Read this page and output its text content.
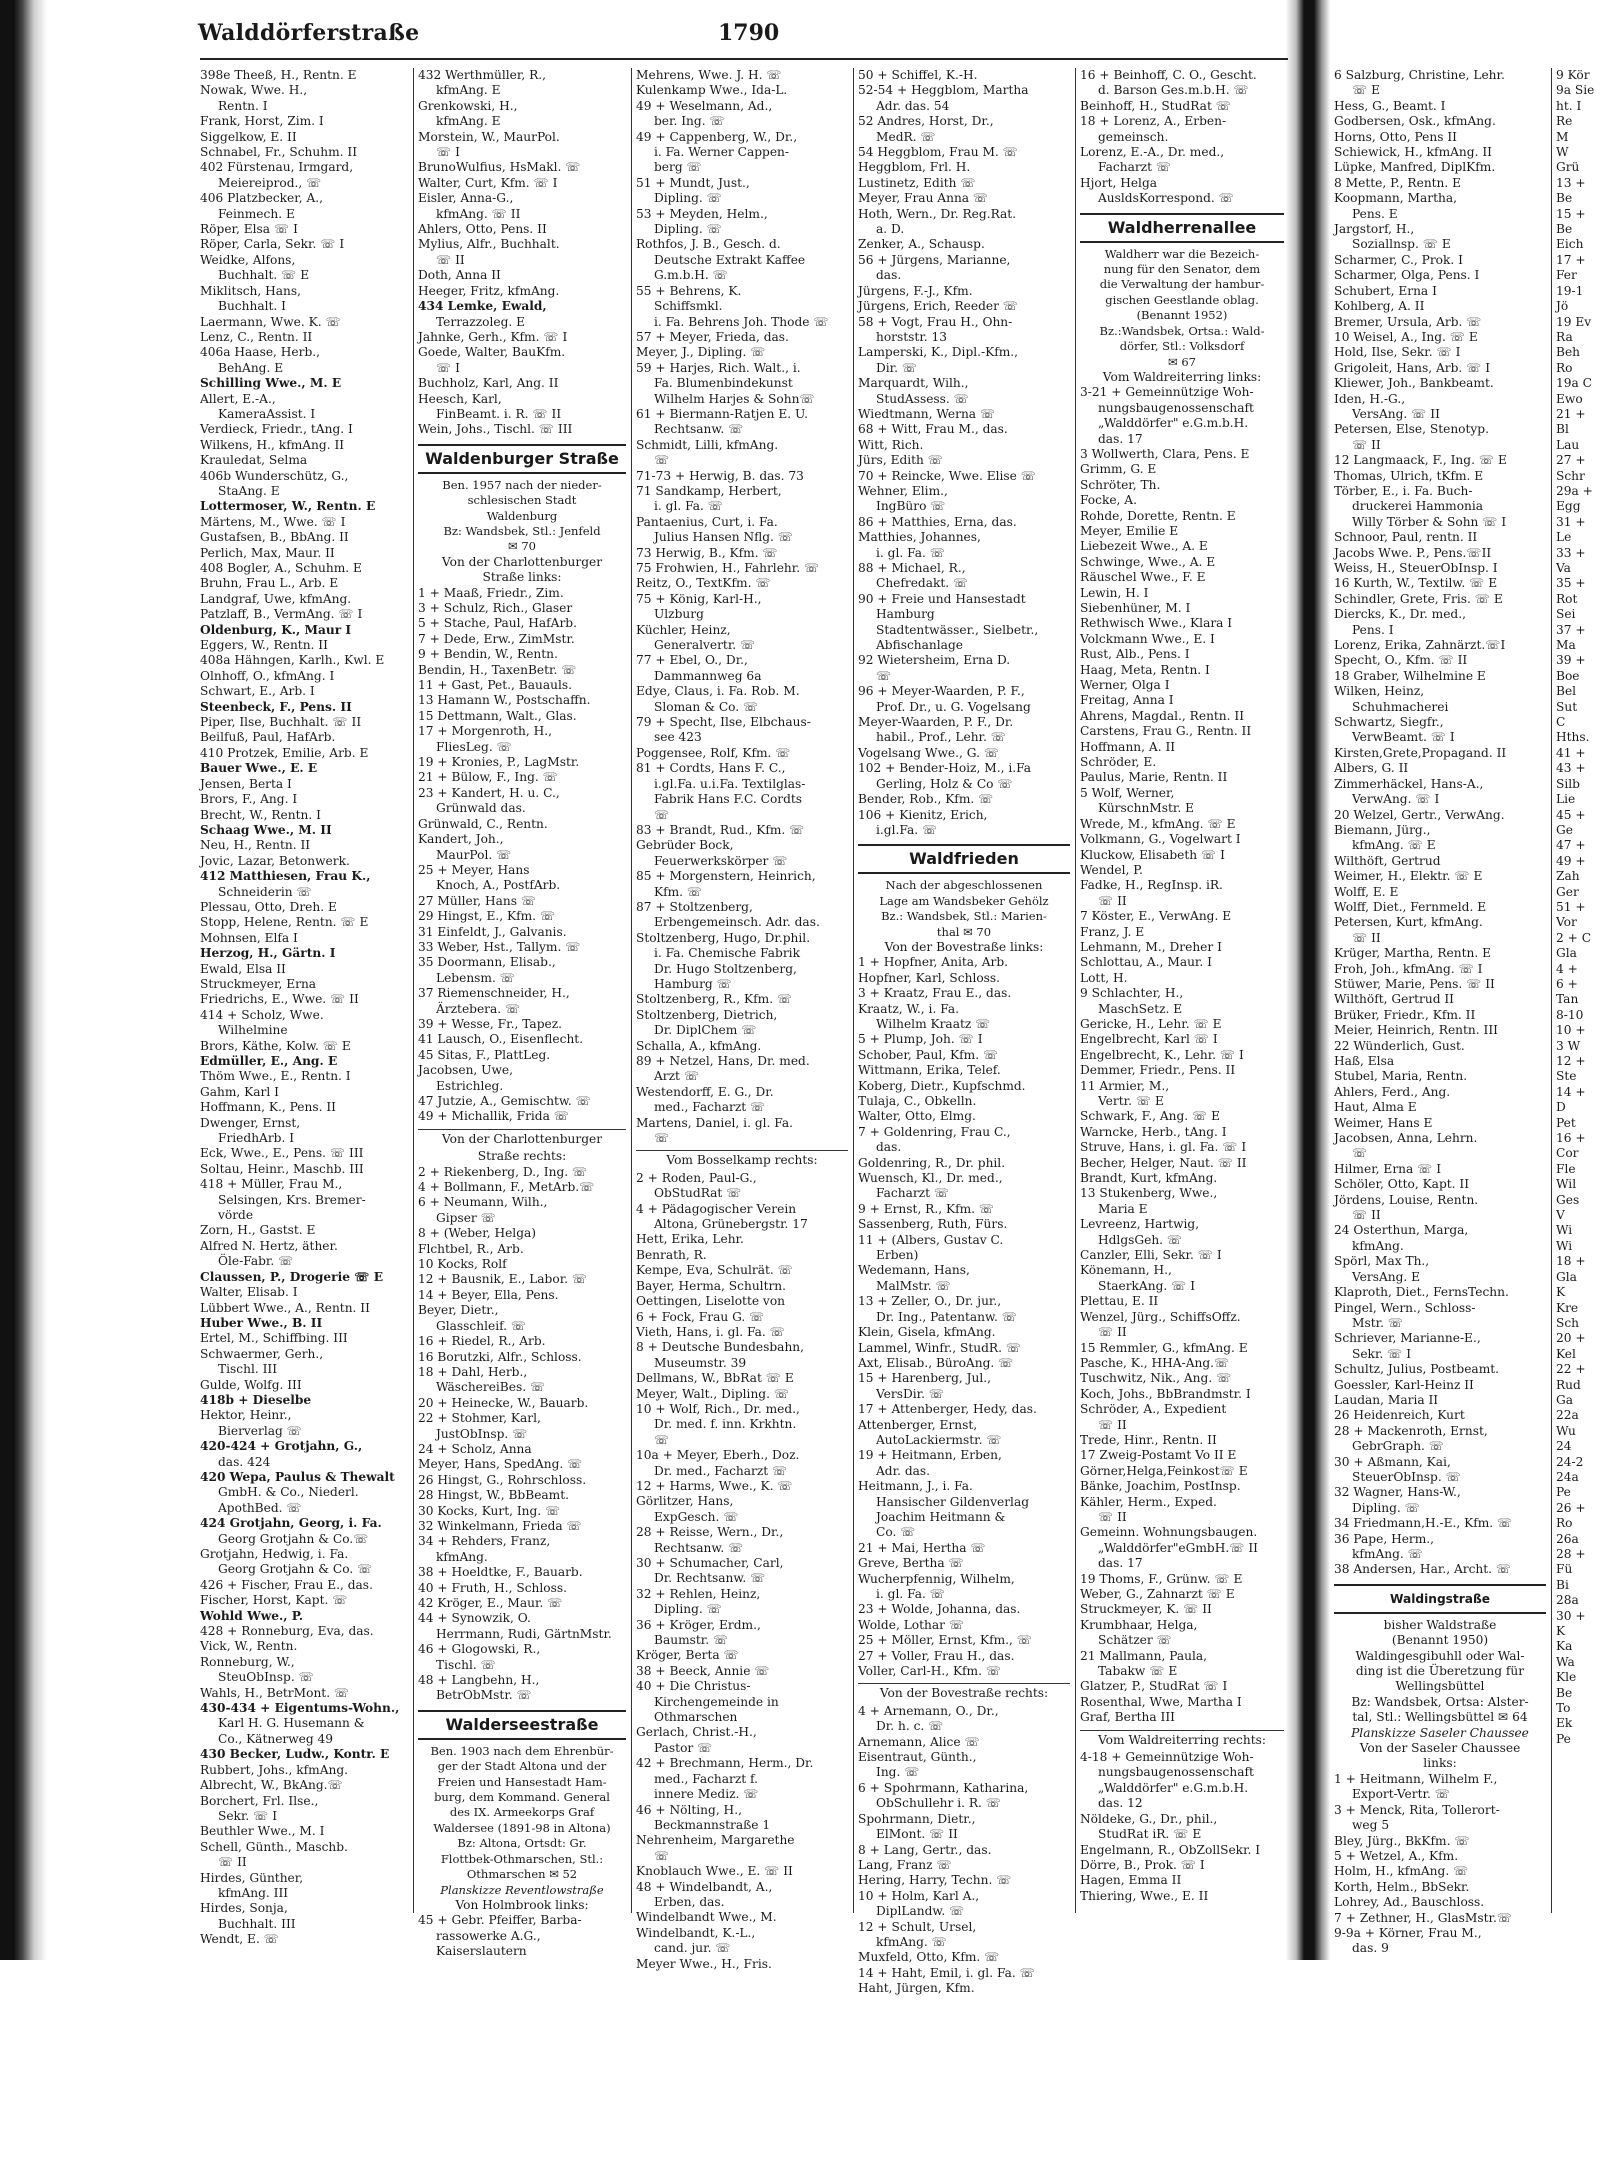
Walddörferstraße	1790
398e Theeß, H., Rentn. E
Nowak, Wwe. H.,
Rentn. I
Frank, Horst, Zim. I
Siggelkow, E. II
Schnabel, Fr., Schuhm. II
402 Fürstenau, Irmgard,
Meiereiprod., ☏
406 Platzbecker, A.,
Feinmech. E
Röper, Elsa ☏ I
Röper, Carla, Sekr. ☏ I
Weidke, Alfons,
Buchhalt. ☏ E
Miklitsch, Hans,
Buchhalt. I
Laermann, Wwe. K. ☏
Lenz, C., Rentn. II
406a Haase, Herb.,
BehAng. E
Schilling Wwe., M. E
Allert, E.-A.,
KameraAssist. I
Verdieck, Friedr., tAng. I
Wilkens, H., kfmAng. II
Krauledat, Selma
406b Wunderschütz, G.,
StaAng. E
Lottermoser, W., Rentn. E
Märtens, M., Wwe. ☏ I
Gustafsen, B., BbAng. II
Perlich, Max, Maur. II
408 Bogler, A., Schuhm. E
Bruhn, Frau L., Arb. E
Landgraf, Uwe, kfmAng.
Patzlaff, B., VermAng. ☏ I
Oldenburg, K., Maur I
Eggers, W., Rentn. II
408a Hähngen, Karlh., Kwl. E
Olnhoff, O., kfmAng. I
Schwart, E., Arb. I
Steenbeck, F., Pens. II
Piper, Ilse, Buchhalt. ☏ II
Beilfuß, Paul, HafArb.
410 Protzek, Emilie, Arb. E
Bauer Wwe., E. E
Jensen, Berta I
Brors, F., Ang. I
Brecht, W., Rentn. I
Schaag Wwe., M. II
Neu, H., Rentn. II
Jovic, Lazar, Betonwerk.
412 Matthiesen, Frau K.,
Schneiderin ☏
Plessau, Otto, Dreh. E
Stopp, Helene, Rentn. ☏ E
Mohnsen, Elfa I
Herzog, H., Gärtn. I
Ewald, Elsa II
Struckmeyer, Erna
Friedrichs, E., Wwe. ☏ II
414 + Scholz, Wwe.
Wilhelmine
Brors, Käthe, Kolw. ☏ E
Edmüller, E., Ang. E
Thöm Wwe., E., Rentn. I
Gahm, Karl I
Hoffmann, K., Pens. II
Dwenger, Ernst,
FriedhArb. I
Eck, Wwe., E., Pens. ☏ III
Soltau, Heinr., Maschb. III
418 + Müller, Frau M.,
Selsingen, Krs. Bremer-
vörde
Zorn, H., Gastst. E
Alfred N. Hertz, äther.
Öle-Fabr. ☏
Claussen, P., Drogerie ☏ E
Walter, Elisab. I
Lübbert Wwe., A., Rentn. II
Huber Wwe., B. II
Ertel, M., Schiffbing. III
Schwaermer, Gerh.,
Tischl. III
Gulde, Wolfg. III
418b + Dieselbe
Hektor, Heinr.,
Bierverlag ☏
420-424 + Grotjahn, G.,
das. 424
420 Wepa, Paulus & Thewalt
GmbH. & Co., Niederl.
ApothBed. ☏
424 Grotjahn, Georg, i. Fa.
Georg Grotjahn & Co.☏
Grotjahn, Hedwig, i. Fa.
Georg Grotjahn & Co. ☏
426 + Fischer, Frau E., das.
Fischer, Horst, Kapt. ☏
Wohld Wwe., P.
428 + Ronneburg, Eva, das.
Vick, W., Rentn.
Ronneburg, W.,
SteuObInsp. ☏
Wahls, H., BetrMont. ☏
430-434 + Eigentums-Wohn.,
Karl H. G. Husemann &
Co., Kätnerweg 49
430 Becker, Ludw., Kontr. E
Rubbert, Johs., kfmAng.
Albrecht, W., BkAng.☏
Borchert, Frl. Ilse.,
Sekr. ☏ I
Beuthler Wwe., M. I
Schell, Günth., Maschb.
☏ II
Hirdes, Günther,
kfmAng. III
Hirdes, Sonja,
Buchhalt. III
Wendt, E. ☏
432 Werthmüller, R.,
kfmAng. E
Grenkowski, H.,
kfmAng. E
Morstein, W., MaurPol.
☏ I
BrunoWulfius, HsMakl. ☏
Walter, Curt, Kfm. ☏ I
Eisler, Anna-G.,
kfmAng. ☏ II
Ahlers, Otto, Pens. II
Mylius, Alfr., Buchhalt.
☏ II
Doth, Anna II
Heeger, Fritz, kfmAng.
434 Lemke, Ewald,
Terrazzoleg. E
Jahnke, Gerh., Kfm. ☏ I
Goede, Walter, BauKfm.
☏ I
Buchholz, Karl, Ang. II
Heesch, Karl,
FinBeamt. i. R. ☏ II
Wein, Johs., Tischl. ☏ III
Waldenburger Straße
Ben. 1957 nach der nieder-
schlesischen Stadt
Waldenburg
Bz: Wandsbek, Stl.: Jenfeld
✉ 70
Von der Charlottenburger
Straße links:
1 + Maaß, Friedr., Zim.
3 + Schulz, Rich., Glaser
5 + Stache, Paul, HafArb.
7 + Dede, Erw., ZimMstr.
9 + Bendin, W., Rentn.
Bendin, H., TaxenBetr. ☏
11 + Gast, Pet., Bauauls.
13 Hamann W., Postschaffn.
15 Dettmann, Walt., Glas.
17 + Morgenroth, H.,
FliesLeg. ☏
19 + Kronies, P., LagMstr.
21 + Bülow, F., Ing. ☏
23 + Kandert, H. u. C.,
Grünwald das.
Grünwald, C., Rentn.
Kandert, Joh.,
MaurPol. ☏
25 + Meyer, Hans
Knoch, A., PostfArb.
27 Müller, Hans ☏
29 Hingst, E., Kfm. ☏
31 Einfeldt, J., Galvanis.
33 Weber, Hst., Tallym. ☏
35 Doormann, Elisab.,
Lebensm. ☏
37 Riemenschneider, H.,
Ärztebera. ☏
39 + Wesse, Fr., Tapez.
41 Lausch, O., Eisenflecht.
45 Sitas, F., PlattLeg.
Jacobsen, Uwe,
Estrichleg.
47 Jutzie, A., Gemischtw. ☏
49 + Michallik, Frida ☏
Von der Charlottenburger
Straße rechts:
2 + Riekenberg, D., Ing. ☏
4 + Bollmann, F., MetArb.☏
6 + Neumann, Wilh.,
Gipser ☏
8 + (Weber, Helga)
Flchtbel, R., Arb.
10 Kocks, Rolf
12 + Bausnik, E., Labor. ☏
14 + Beyer, Ella, Pens.
Beyer, Dietr.,
Glasschleif. ☏
16 + Riedel, R., Arb.
16 Borutzki, Alfr., Schloss.
18 + Dahl, Herb.,
WäschereiBes. ☏
20 + Heinecke, W., Bauarb.
22 + Stohmer, Karl,
JustObInsp. ☏
24 + Scholz, Anna
Meyer, Hans, SpedAng. ☏
26 Hingst, G., Rohrschloss.
28 Hingst, W., BbBeamt.
30 Kocks, Kurt, Ing. ☏
32 Winkelmann, Frieda ☏
34 + Rehders, Franz,
kfmAng.
38 + Hoeldtke, F., Bauarb.
40 + Fruth, H., Schloss.
42 Kröger, E., Maur. ☏
44 + Synowzik, O.
Herrmann, Rudi, GärtnMstr.
46 + Glogowski, R.,
Tischl. ☏
48 + Langbehn, H.,
BetrObMstr. ☏
Walderseestraße
Ben. 1903 nach dem Ehrenbür-
ger der Stadt Altona und der
Freien und Hansestadt Ham-
burg, dem Kommand. General
des IX. Armeekorps Graf
Waldersee (1891-98 in Altona)
Bz: Altona, Ortsdt: Gr.
Flottbek-Othmarschen, Stl.:
Othmarschen ✉ 52
Planskizze Reventlowstraße
Von Holmbrook links:
45 + Gebr. Pfeiffer, Barba-
rassowerke A.G.,
Kaiserslautern
Mehrens, Wwe. J. H. ☏
Kulenkamp Wwe., Ida-L.
49 + Weselmann, Ad.,
ber. Ing. ☏
49 + Cappenberg, W., Dr.,
i. Fa. Werner Cappen-
berg ☏
51 + Mundt, Just.,
Dipling. ☏
53 + Meyden, Helm.,
Dipling. ☏
Rothfos, J. B., Gesch. d.
Deutsche Extrakt Kaffee
G.m.b.H. ☏
55 + Behrens, K.
Schiffsmkl.
i. Fa. Behrens Joh. Thode ☏
57 + Meyer, Frieda, das.
Meyer, J., Dipling. ☏
59 + Harjes, Rich. Walt., i.
Fa. Blumenbindekunst
Wilhelm Harjes & Sohn☏
61 + Biermann-Ratjen E. U.
Rechtsanw. ☏
Schmidt, Lilli, kfmAng.
☏
71-73 + Herwig, B. das. 73
71 Sandkamp, Herbert,
i. gl. Fa. ☏
Pantaenius, Curt, i. Fa.
Julius Hansen Nflg. ☏
73 Herwig, B., Kfm. ☏
75 Frohwien, H., Fahrlehr. ☏
Reitz, O., TextKfm. ☏
75 + König, Karl-H.,
Ulzburg
Küchler, Heinz,
Generalvertr. ☏
77 + Ebel, O., Dr.,
Dammannweg 6a
Edye, Claus, i. Fa. Rob. M.
Sloman & Co. ☏
79 + Specht, Ilse, Elbchaus-
see 423
Poggensee, Rolf, Kfm. ☏
81 + Cordts, Hans F. C.,
i.gl.Fa. u.i.Fa. Textilglas-
Fabrik Hans F.C. Cordts
☏
83 + Brandt, Rud., Kfm. ☏
Gebrüder Bock,
Feuerwerkskörper ☏
85 + Morgenstern, Heinrich,
Kfm. ☏
87 + Stoltzenberg,
Erbengemeinsch. Adr. das.
Stoltzenberg, Hugo, Dr.phil.
i. Fa. Chemische Fabrik
Dr. Hugo Stoltzenberg,
Hamburg ☏
Stoltzenberg, R., Kfm. ☏
Stoltzenberg, Dietrich,
Dr. DiplChem ☏
Schalla, A., kfmAng.
89 + Netzel, Hans, Dr. med.
Arzt ☏
Westendorff, E. G., Dr.
med., Facharzt ☏
Martens, Daniel, i. gl. Fa.
☏
Vom Bosselkamp rechts:
2 + Roden, Paul-G.,
ObStudRat ☏
4 + Pädagogischer Verein
Altona, Grünebergstr. 17
Hett, Erika, Lehr.
Benrath, R.
Kempe, Eva, Schulrät. ☏
Bayer, Herma, Schultrn.
Oettingen, Liselotte von
6 + Fock, Frau G. ☏
Vieth, Hans, i. gl. Fa. ☏
8 + Deutsche Bundesbahn,
Museumstr. 39
Dellmans, W., BbRat ☏ E
Meyer, Walt., Dipling. ☏
10 + Wolf, Rich., Dr. med.,
Dr. med. f. inn. Krkhtn.
☏
10a + Meyer, Eberh., Doz.
Dr. med., Facharzt ☏
12 + Harms, Wwe., K. ☏
Görlitzer, Hans,
ExpGesch. ☏
28 + Reisse, Wern., Dr.,
Rechtsanw. ☏
30 + Schumacher, Carl,
Dr. Rechtsanw. ☏
32 + Rehlen, Heinz,
Dipling. ☏
36 + Kröger, Erdm.,
Baumstr. ☏
Kröger, Berta ☏
38 + Beeck, Annie ☏
40 + Die Christus-
Kirchengemeinde in
Othmarschen
Gerlach, Christ.-H.,
Pastor ☏
42 + Brechmann, Herm., Dr.
med., Facharzt f.
innere Mediz. ☏
46 + Nölting, H.,
Beckmannstraße 1
Nehrenheim, Margarethe
☏
Knoblauch Wwe., E. ☏ II
48 + Windelbandt, A.,
Erben, das.
Windelbandt Wwe., M.
Windelbandt, K.-L.,
cand. jur. ☏
Meyer Wwe., H., Fris.
50 + Schiffel, K.-H.
52-54 + Heggblom, Martha
Adr. das. 54
52 Andres, Horst, Dr.,
MedR. ☏
54 Heggblom, Frau M. ☏
Heggblom, Frl. H.
Lustinetz, Edith ☏
Meyer, Frau Anna ☏
Hoth, Wern., Dr. Reg.Rat.
a. D.
Zenker, A., Schausp.
56 + Jürgens, Marianne,
das.
Jürgens, F.-J., Kfm.
Jürgens, Erich, Reeder ☏
58 + Vogt, Frau H., Ohn-
horststr. 13
Lamperski, K., Dipl.-Kfm.,
Dir. ☏
Marquardt, Wilh.,
StudAssess. ☏
Wiedtmann, Werna ☏
68 + Witt, Frau M., das.
Witt, Rich.
Jürs, Edith ☏
70 + Reincke, Wwe. Elise ☏
Wehner, Elim.,
IngBüro ☏
86 + Matthies, Erna, das.
Matthies, Johannes,
i. gl. Fa. ☏
88 + Michael, R.,
Chefredakt. ☏
90 + Freie und Hansestadt
Hamburg
Stadtentwässer., Sielbetr.,
Abfischanlage
92 Wietersheim, Erna D.
☏
96 + Meyer-Waarden, P. F.,
Prof. Dr., u. G. Vogelsang
Meyer-Waarden, P. F., Dr.
habil., Prof., Lehr. ☏
Vogelsang Wwe., G. ☏
102 + Bender-Hoiz, M., i.Fa
Gerling, Holz & Co ☏
Bender, Rob., Kfm. ☏
106 + Kienitz, Erich,
i.gl.Fa. ☏
Waldfrieden
Nach der abgeschlossenen
Lage am Wandsbeker Gehölz
Bz.: Wandsbek, Stl.: Marien-
thal ✉ 70
Von der Bovestraße links:
1 + Hopfner, Anita, Arb.
Hopfner, Karl, Schloss.
3 + Kraatz, Frau E., das.
Kraatz, W., i. Fa.
Wilhelm Kraatz ☏
5 + Plump, Joh. ☏ I
Schober, Paul, Kfm. ☏
Wittmann, Erika, Telef.
Koberg, Dietr., Kupfschmd.
Tulaja, C., Obkelln.
Walter, Otto, Elmg.
7 + Goldenring, Frau C.,
das.
Goldenring, R., Dr. phil.
Wuensch, Kl., Dr. med.,
Facharzt ☏
9 + Ernst, R., Kfm. ☏
Sassenberg, Ruth, Fürs.
11 + (Albers, Gustav C.
Erben)
Wedemann, Hans,
MalMstr. ☏
13 + Zeller, O., Dr. jur.,
Dr. Ing., Patentanw. ☏
Klein, Gisela, kfmAng.
Lammel, Winfr., StudR. ☏
Axt, Elisab., BüroAng. ☏
15 + Harenberg, Jul.,
VersDir. ☏
17 + Attenberger, Hedy, das.
Attenberger, Ernst,
AutoLackiermstr. ☏
19 + Heitmann, Erben,
Adr. das.
Heitmann, J., i. Fa.
Hansischer Gildenverlag
Joachim Heitmann &
Co. ☏
21 + Mai, Hertha ☏
Greve, Bertha ☏
Wucherpfennig, Wilhelm,
i. gl. Fa. ☏
23 + Wolde, Johanna, das.
Wolde, Lothar ☏
25 + Möller, Ernst, Kfm., ☏
27 + Voller, Frau H., das.
Voller, Carl-H., Kfm. ☏
Von der Bovestraße rechts:
4 + Arnemann, O., Dr.,
Dr. h. c. ☏
Arnemann, Alice ☏
Eisentraut, Günth.,
Ing. ☏
6 + Spohrmann, Katharina,
ObSchullehr i. R. ☏
Spohrmann, Dietr.,
ElMont. ☏ II
8 + Lang, Gertr., das.
Lang, Franz ☏
Hering, Harry, Techn. ☏
10 + Holm, Karl A.,
DiplLandw. ☏
12 + Schult, Ursel,
kfmAng. ☏
Muxfeld, Otto, Kfm. ☏
14 + Haht, Emil, i. gl. Fa. ☏
Haht, Jürgen, Kfm.
16 + Beinhoff, C. O., Gescht.
d. Barson Ges.m.b.H. ☏
Beinhoff, H., StudRat ☏
18 + Lorenz, A., Erben-
gemeinsch.
Lorenz, E.-A., Dr. med.,
Facharzt ☏
Hjort, Helga
AusldsKorrespond. ☏
Waldherrenallee
Waldherr war die Bezeich-
nung für den Senator, dem
die Verwaltung der hambur-
gischen Geestlande oblag.
(Benannt 1952)
Bz.:Wandsbek, Ortsa.: Wald-
dörfer, Stl.: Volksdorf
✉ 67
Vom Waldreiterring links:
3-21 + Gemeinnützige Woh-
nungsbaugenossenschaft
„Walddörfer" e.G.m.b.H.
das. 17
3 Wollwerth, Clara, Pens. E
Grimm, G. E
Schröter, Th.
Focke, A.
Rohde, Dorette, Rentn. E
Meyer, Emilie E
Liebezeit Wwe., A. E
Schwinge, Wwe., A. E
Räuschel Wwe., F. E
Lewin, H. I
Siebenhüner, M. I
Rethwisch Wwe., Klara I
Volckmann Wwe., E. I
Rust, Alb., Pens. I
Haag, Meta, Rentn. I
Werner, Olga I
Freitag, Anna I
Ahrens, Magdal., Rentn. II
Carstens, Frau G., Rentn. II
Hoffmann, A. II
Schröder, E.
Paulus, Marie, Rentn. II
5 Wolf, Werner,
KürschnMstr. E
Wrede, M., kfmAng. ☏ E
Volkmann, G., Vogelwart I
Kluckow, Elisabeth ☏ I
Wendel, P.
Fadke, H., RegInsp. iR.
☏ II
7 Köster, E., VerwAng. E
Franz, J. E
Lehmann, M., Dreher I
Schlottau, A., Maur. I
Lott, H.
9 Schlachter, H.,
MaschSetz. E
Gericke, H., Lehr. ☏ E
Engelbrecht, Karl ☏ I
Engelbrecht, K., Lehr. ☏ I
Demmer, Friedr., Pens. II
11 Armier, M.,
Vertr. ☏ E
Schwark, F., Ang. ☏ E
Warncke, Herb., tAng. I
Struve, Hans, i. gl. Fa. ☏ I
Becher, Helger, Naut. ☏ II
Brandt, Kurt, kfmAng.
13 Stukenberg, Wwe.,
Maria E
Levreenz, Hartwig,
HdlgsGeh. ☏
Canzler, Elli, Sekr. ☏ I
Könemann, H.,
StaerkAng. ☏ I
Plettau, E. II
Wenzel, Jürg., SchiffsOffz.
☏ II
15 Remmler, G., kfmAng. E
Pasche, K., HHA-Ang.☏
Tuschwitz, Nik., Ang. ☏
Koch, Johs., BbBrandmstr. I
Schröder, A., Expedient
☏ II
Trede, Hinr., Rentn. II
17 Zweig-Postamt Vo II E
Görner,Helga,Feinkost☏ E
Bänke, Joachim, PostInsp.
Kähler, Herm., Exped.
☏ II
Gemeinn. Wohnungsbaugen.
„Walddörfer"eGmbH.☏ II
das. 17
19 Thoms, F., Grünw. ☏ E
Weber, G., Zahnarzt ☏ E
Struckmeyer, K. ☏ II
Krumbhaar, Helga,
Schätzer ☏
21 Mallmann, Paula,
Tabakw ☏ E
Glatzer, P., StudRat ☏ I
Rosenthal, Wwe, Martha I
Graf, Bertha III
Vom Waldreiterring rechts:
4-18 + Gemeinnützige Woh-
nungsbaugenossenschaft
„Walddörfer" e.G.m.b.H.
das. 12
Nöldeke, G., Dr., phil.,
StudRat iR. ☏ E
Engelmann, R., ObZollSekr. I
Dörre, B., Prok. ☏ I
Hagen, Emma II
Thiering, Wwe., E. II
6 Salzburg, Christine, Lehr.
☏ E
Hess, G., Beamt. I
Godbersen, Osk., kfmAng.
Horns, Otto, Pens II
Schiewick, H., kfmAng. II
Lüpke, Manfred, DiplKfm.
8 Mette, P., Rentn. E
Koopmann, Martha,
Pens. E
Jargstorf, H.,
Soziallnsp. ☏ E
Scharmer, C., Prok. I
Scharmer, Olga, Pens. I
Schubert, Erna I
Kohlberg, A. II
Bremer, Ursula, Arb. ☏
10 Weisel, A., Ing. ☏ E
Hold, Ilse, Sekr. ☏ I
Grigoleit, Hans, Arb. ☏ I
Kliewer, Joh., Bankbeamt.
Iden, H.-G.,
VersAng. ☏ II
Petersen, Else, Stenotyp.
☏ II
12 Langmaack, F., Ing. ☏ E
Thomas, Ulrich, tKfm. E
Törber, E., i. Fa. Buch-
druckerei Hammonia
Willy Törber & Sohn ☏ I
Schnoor, Paul, rentn. II
Jacobs Wwe. P., Pens.☏II
Weiss, H., SteuerObInsp. I
16 Kurth, W., Textilw. ☏ E
Schindler, Grete, Fris. ☏ E
Diercks, K., Dr. med.,
Pens. I
Lorenz, Erika, Zahnärzt.☏I
Specht, O., Kfm. ☏ II
18 Graber, Wilhelmine E
Wilken, Heinz,
Schuhmacherei
Schwartz, Siegfr.,
VerwBeamt. ☏ I
Kirsten,Grete,Propagand. II
Albers, G. II
Zimmerhäckel, Hans-A.,
VerwAng. ☏ I
20 Welzel, Gertr., VerwAng.
Biemann, Jürg.,
kfmAng. ☏ E
Wilthöft, Gertrud
Weimer, H., Elektr. ☏ E
Wolff, E. E
Wolff, Diet., Fernmeld. E
Petersen, Kurt, kfmAng.
☏ II
Krüger, Martha, Rentn. E
Froh, Joh., kfmAng. ☏ I
Stüwer, Marie, Pens. ☏ II
Wilthöft, Gertrud II
Brüker, Friedr., Kfm. II
Meier, Heinrich, Rentn. III
22 Wünderlich, Gust.
Haß, Elsa
Stubel, Maria, Rentn.
Ahlers, Ferd., Ang.
Haut, Alma E
Weimer, Hans E
Jacobsen, Anna, Lehrn.
☏
Hilmer, Erna ☏ I
Schöler, Otto, Kapt. II
Jördens, Louise, Rentn.
☏ II
24 Osterthun, Marga,
kfmAng.
Spörl, Max Th.,
VersAng. E
Klaproth, Diet., FernsTechn.
Pingel, Wern., Schloss-
Mstr. ☏
Schriever, Marianne-E.,
Sekr. ☏ I
Schultz, Julius, Postbeamt.
Goessler, Karl-Heinz II
Laudan, Maria II
26 Heidenreich, Kurt
28 + Mackenroth, Ernst,
GebrGraph. ☏
30 + Aßmann, Kai,
SteuerObInsp. ☏
32 Wagner, Hans-W.,
Dipling. ☏
34 Friedmann,H.-E., Kfm. ☏
36 Pape, Herm.,
kfmAng. ☏
38 Andersen, Har., Archt. ☏
Waldingstraße
bisher Waldstraße
(Benannt 1950)
Waldingesgibuhll oder Wal-
ding ist die Überetzung für
Wellingsbüttel
Bz: Wandsbek, Ortsa: Alster-
tal, Stl.: Wellingsbüttel ✉ 64
Planskizze Saseler Chaussee
Von der Saseler Chaussee
links:
1 + Heitmann, Wilhelm F.,
Export-Vertr. ☏
3 + Menck, Rita, Tollerort-
weg 5
Bley, Jürg., BkKfm. ☏
5 + Wetzel, A., Kfm.
Holm, H., kfmAng. ☏
Korth, Helm., BbSekr.
Lohrey, Ad., Bauschloss.
7 + Zethner, H., GlasMstr.☏
9-9a + Körner, Frau M.,
das. 9
9 Kör
9a Sie
ht. I
Re
M
W
Grü
13 +
Be
15 +
Be
Eich
17 +
Fer
19-1
Jö
19 Ev
Ra
Beh
Ro
19a C
Ewo
21 +
Bl
Lau
27 +
Schr
29a +
Egg
31 +
Le
33 +
Va
35 +
Rot
Sei
37 +
Ma
39 +
Boe
Bel
Sut
C
Hths.
41 +
43 +
Silb
Lie
45 +
Ge
47 +
49 +
Zah
Ger
51 +
Vor
2 + C
Gla
4 +
6 +
Tan
8-10
10 +
3 W
12 +
Ste
14 +
D
Pet
16 +
Cor
Fle
Wil
Ges
V
Wi
Wi
18 +
Gla
K
Kre
Sch
20 +
Kel
22 +
Rud
Ga
22a
Wu
24
24-2
24a
Pe
26 +
Ro
26a
28 +
Fü
Bi
28a
30 +
K
Ka
Wa
Kle
Be
To
Ek
Pe
